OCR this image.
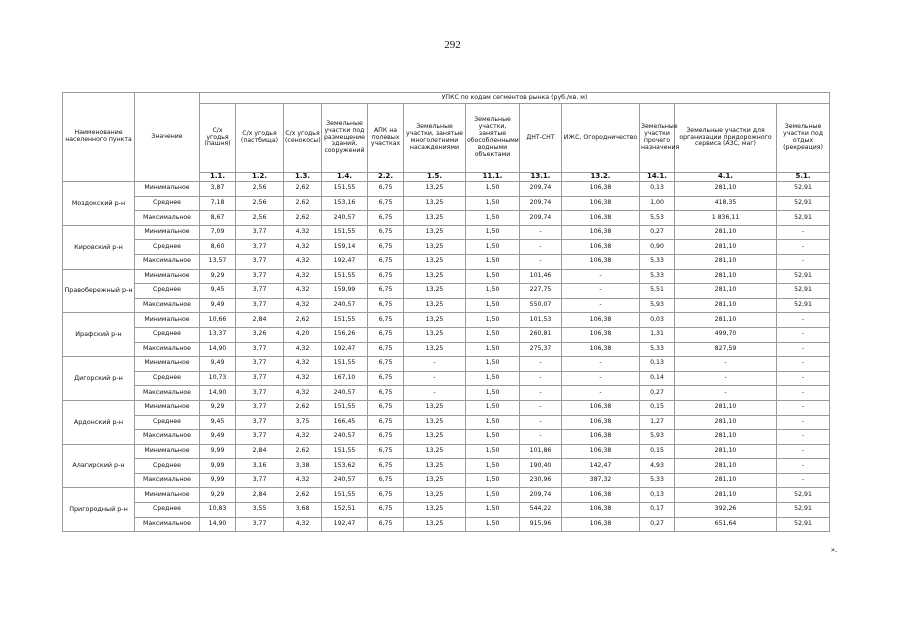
292
Наименование населенного пункта	Значение	УПКС по кодам сегментов рынка (руб./кв. м)											
		С/х угодья (пашня)	С/х угодья (пастбища)	С/х угодья (сенокосы)	Земельные участки под размещение зданий, сооружений	АПК на полевых участках	Земельные участки, занятые многолетними насаждениями	Земельные участки, занятые обособленными водными объектами	ДНТ-СНТ	ИЖС, Огородничество	Земельные участки прочего назначения	Земельные участки для организации придорожного сервиса (АЗС, маг)	Земельные участки под отдых (рекреация)
		1.1.	1.2.	1.3.	1.4.	2.2.	1.5.	11.1.	13.1.	13.2.	14.1.	4.1.	5.1.
Моздокский р-н	Минимальное	3,87	2,56	2,62	151,55	6,75	13,25	1,50	209,74	106,38	0,13	281,10	52,91
	Среднее	7,18	2,56	2,62	153,16	6,75	13,25	1,50	209,74	106,38	1,00	418,35	52,91
	Максимальное	8,67	2,56	2,62	240,57	6,75	13,25	1,50	209,74	106,38	5,53	1 836,11	52,91
Кировский р-н	Минимальное	7,09	3,77	4,32	151,55	6,75	13,25	1,50	-	106,38	0,27	281,10	-
	Среднее	8,60	3,77	4,32	159,14	6,75	13,25	1,50	-	106,38	0,90	281,10	-
	Максимальное	13,57	3,77	4,32	192,47	6,75	13,25	1,50	-	106,38	5,33	281,10	-
Правобережный р-н	Минимальное	9,29	3,77	4,32	151,55	6,75	13,25	1,50	101,46	-	5,33	281,10	52,91
	Среднее	9,45	3,77	4,32	159,99	6,75	13,25	1,50	227,75	-	5,51	281,10	52,91
	Максимальное	9,49	3,77	4,32	240,57	6,75	13,25	1,50	550,07	-	5,93	281,10	52,91
Ирафский р-н	Минимальное	10,66	2,84	2,62	151,55	6,75	13,25	1,50	101,53	106,38	0,03	281,10	-
	Среднее	13,37	3,26	4,20	156,26	6,75	13,25	1,50	260,81	106,38	1,31	499,70	-
	Максимальное	14,90	3,77	4,32	192,47	6,75	13,25	1,50	275,37	106,38	5,33	827,59	-
Дигорский р-н	Минимальное	9,49	3,77	4,32	151,55	6,75	-	1,50	-	-	0,13	-	-
	Среднее	10,73	3,77	4,32	167,10	6,75	-	1,50	-	-	0,14	-	-
	Максимальное	14,90	3,77	4,32	240,57	6,75	-	1,50	-	-	0,27	-	-
Ардонский р-н	Минимальное	9,29	3,77	2,62	151,55	6,75	13,25	1,50	-	106,38	0,15	281,10	-
	Среднее	9,45	3,77	3,75	166,45	6,75	13,25	1,50	-	106,38	1,27	281,10	-
	Максимальное	9,49	3,77	4,32	240,57	6,75	13,25	1,50	-	106,38	5,93	281,10	-
Алагирский р-н	Минимальное	9,99	2,84	2,62	151,55	6,75	13,25	1,50	101,86	106,38	0,15	281,10	-
	Среднее	9,99	3,16	3,38	153,62	6,75	13,25	1,50	190,40	142,47	4,93	281,10	-
	Максимальное	9,99	3,77	4,32	240,57	6,75	13,25	1,50	230,96	387,32	5,33	281,10	-
Пригородный р-н	Минимальное	9,29	2,84	2,62	151,55	6,75	13,25	1,50	209,74	106,38	0,13	281,10	52,91
	Среднее	10,83	3,55	3,68	152,51	6,75	13,25	1,50	544,22	106,38	0,17	392,26	52,91
	Максимальное	14,90	3,77	4,32	192,47	6,75	13,25	1,50	915,96	106,38	0,27	651,64	52,91
».
